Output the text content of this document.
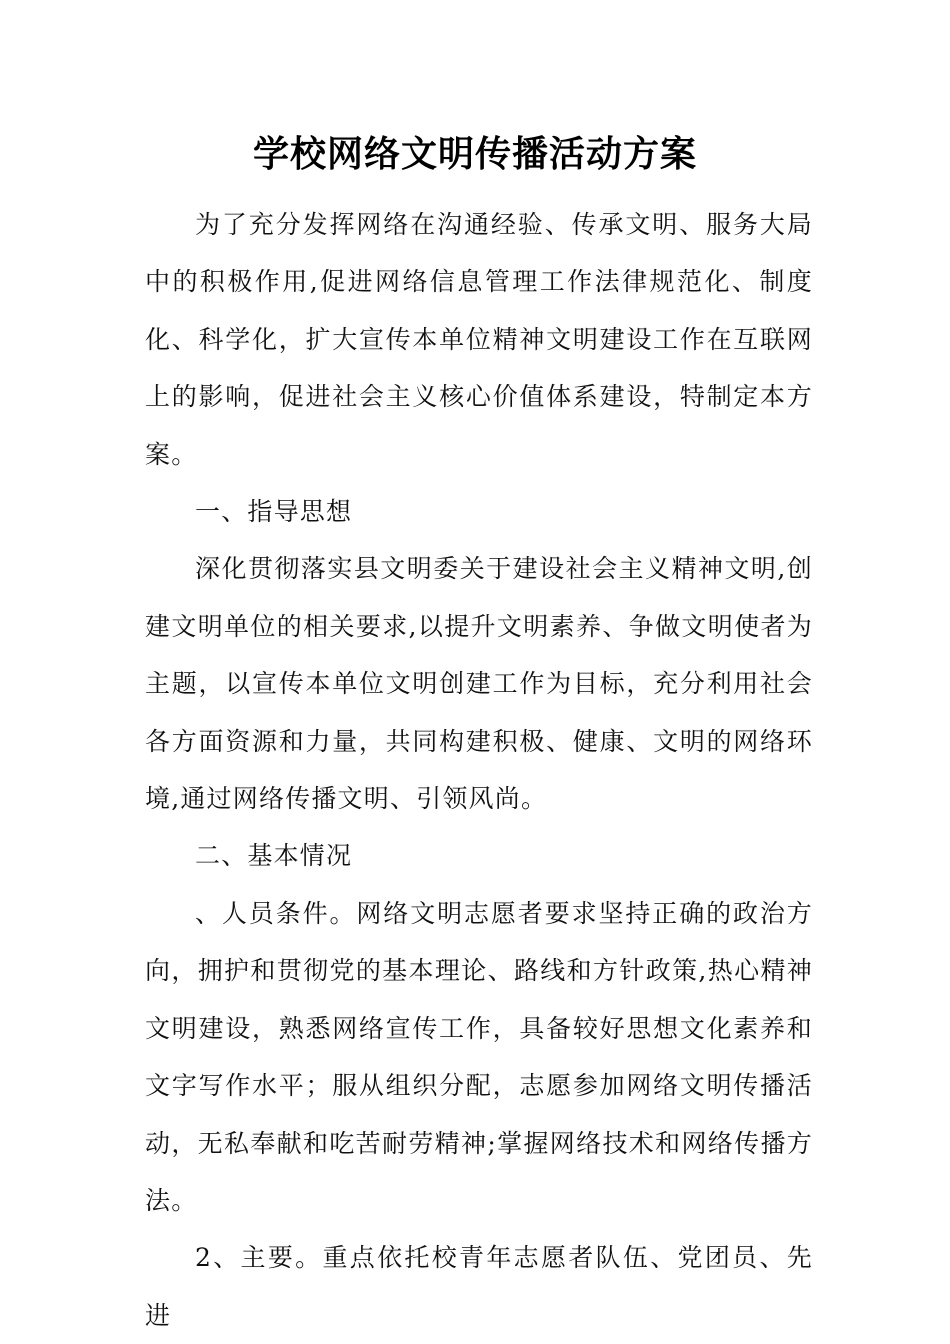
学校网络文明传播活动方案

为了充分发挥网络在沟通经验、传承文明、服务大局中的积极作用,促进网络信息管理工作法律规范化、制度化、科学化，扩大宣传本单位精神文明建设工作在互联网上的影响，促进社会主义核心价值体系建设，特制定本方案。

一、指导思想

深化贯彻落实县文明委关于建设社会主义精神文明,创建文明单位的相关要求,以提升文明素养、争做文明使者为主题，以宣传本单位文明创建工作为目标，充分利用社会各方面资源和力量，共同构建积极、健康、文明的网络环境,通过网络传播文明、引领风尚。

二、基本情况

、人员条件。网络文明志愿者要求坚持正确的政治方向，拥护和贯彻党的基本理论、路线和方针政策,热心精神文明建设，熟悉网络宣传工作，具备较好思想文化素养和文字写作水平；服从组织分配，志愿参加网络文明传播活动，无私奉献和吃苦耐劳精神;掌握网络技术和网络传播方法。

2、主要。重点依托校青年志愿者队伍、党团员、先进
